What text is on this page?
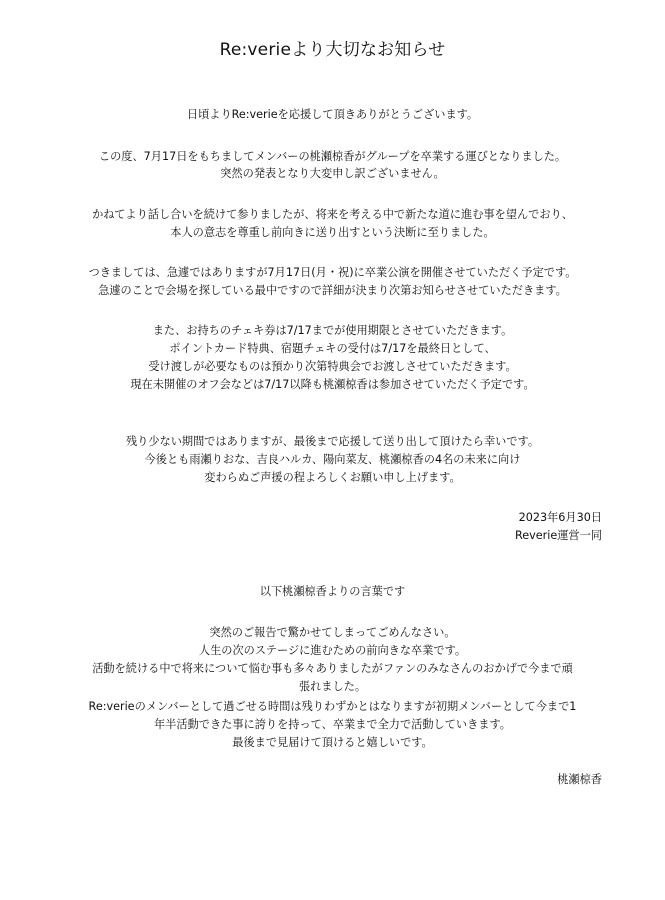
Re:verieより大切なお知らせ
日頃よりRe:verieを応援して頂きありがとうございます。
この度、7月17日をもちましてメンバーの桃瀬椋香がグループを卒業する運びとなりました。
突然の発表となり大変申し訳ございません。
かねてより話し合いを続けて参りましたが、将来を考える中で新たな道に進む事を望んでおり、
本人の意志を尊重し前向きに送り出すという決断に至りました。
つきましては、急遽ではありますが7月17日(月・祝)に卒業公演を開催させていただく予定です。
急遽のことで会場を探している最中ですので詳細が決まり次第お知らせさせていただきます。
また、お持ちのチェキ券は7/17までが使用期限とさせていただきます。
ポイントカード特典、宿題チェキの受付は7/17を最終日として、
受け渡しが必要なものは預かり次第特典会でお渡しさせていただきます。
現在未開催のオフ会などは7/17以降も桃瀬椋香は参加させていただく予定です。
残り少ない期間ではありますが、最後まで応援して送り出して頂けたら幸いです。
今後とも雨瀬りおな、吉良ハルカ、陽向菜友、桃瀬椋香の4名の未来に向け
変わらぬご声援の程よろしくお願い申し上げます。
2023年6月30日
Reverie運営一同
以下桃瀬椋香よりの言葉です
突然のご報告で驚かせてしまってごめんなさい。
人生の次のステージに進むための前向きな卒業です。
活動を続ける中で将来について悩む事も多々ありましたがファンのみなさんのおかげで今まで頑
張れました。
Re:verieのメンバーとして過ごせる時間は残りわずかとはなりますが初期メンバーとして今まで1
年半活動できた事に誇りを持って、卒業まで全力で活動していきます。
最後まで見届けて頂けると嬉しいです。
桃瀬椋香
